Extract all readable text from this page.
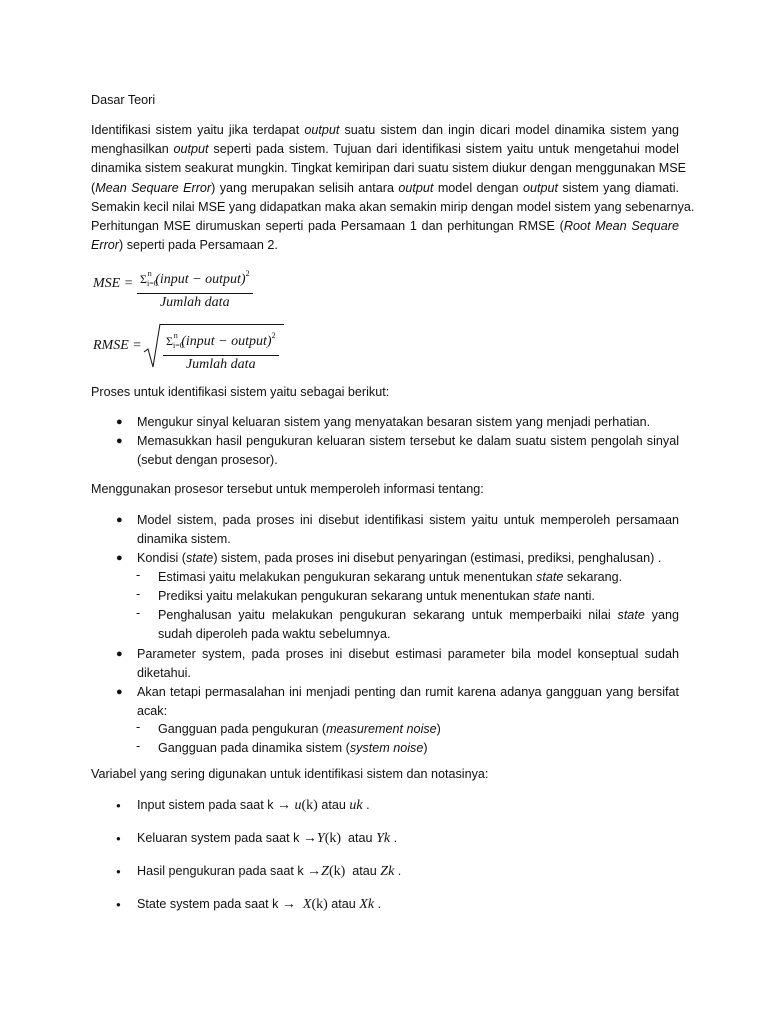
Dasar Teori
Identifikasi sistem yaitu jika terdapat output suatu sistem dan ingin dicari model dinamika sistem yang
menghasilkan output seperti pada sistem. Tujuan dari identifikasi sistem yaitu untuk mengetahui model
dinamika sistem seakurat mungkin. Tingkat kemiripan dari suatu sistem diukur dengan menggunakan MSE
(Mean Sequare Error) yang merupakan selisih antara output model dengan output sistem yang diamati.
Semakin kecil nilai MSE yang didapatkan maka akan semakin mirip dengan model sistem yang sebenarnya.
Perhitungan MSE dirumuskan seperti pada Persamaan 1 dan perhitungan RMSE (Root Mean Sequare
Error) seperti pada Persamaan 2.
MSE = $\Sigma_{i=0}^n$ (input − output)$^2$
Jumlah data
RMSE = $\Sigma_{i=0}^n$ (input − output)$^2$
Jumlah data
Proses untuk identifikasi sistem yaitu sebagai berikut:
● Mengukur sinyal keluaran sistem yang menyatakan besaran sistem yang menjadi perhatian.
● Memasukkan hasil pengukuran keluaran sistem tersebut ke dalam suatu sistem pengolah sinyal
(sebut dengan prosesor).
Menggunakan prosesor tersebut untuk memperoleh informasi tentang:
● Model sistem, pada proses ini disebut identifikasi sistem yaitu untuk memperoleh persamaan
dinamika sistem.
● Kondisi (state) sistem, pada proses ini disebut penyaringan (estimasi, prediksi, penghalusan) .
- Estimasi yaitu melakukan pengukuran sekarang untuk menentukan state sekarang.
- Prediksi yaitu melakukan pengukuran sekarang untuk menentukan state nanti.
- Penghalusan yaitu melakukan pengukuran sekarang untuk memperbaiki nilai state yang
sudah diperoleh pada waktu sebelumnya.
● Parameter system, pada proses ini disebut estimasi parameter bila model konseptual sudah
diketahui.
● Akan tetapi permasalahan ini menjadi penting dan rumit karena adanya gangguan yang bersifat
acak:
- Gangguan pada pengukuran (measurement noise)
- Gangguan pada dinamika sistem (system noise)
Variabel yang sering digunakan untuk identifikasi sistem dan notasinya:
● Input sistem pada saat k → u(k) atau uk .
● Keluaran system pada saat k →Y(k) atau Yk .
● Hasil pengukuran pada saat k →Z(k) atau Zk .
● State system pada saat k → X(k) atau Xk .
